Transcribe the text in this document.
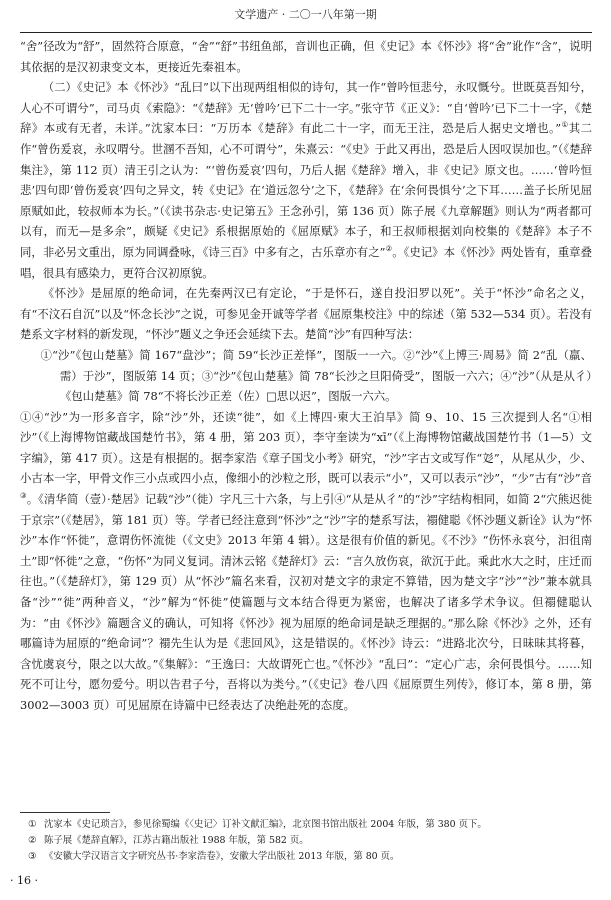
文学遗产 · 二〇一八年第一期

“舍”径改为“舒”，固然符合原意，“舍”“舒”书纽鱼部，音训也正确，但《史记》本《怀沙》将“舍”讹作“含”，说明其依据的是汉初隶变文本，更接近先秦祖本。

（二）《史记》本《怀沙》“乱曰”以下出现两组相似的诗句，其一作“曾吟恒悲兮，永叹慨兮。世既莫吾知兮，人心不可谓兮”，司马贞《索隐》：“《楚辞》无‘曾吟’已下二十一字。”张守节《正义》：“自‘曾吟’已下二十一字，《楚辞》本或有无者，未详。”沈家本曰：“万历本《楚辞》有此二十一字，而无王注，恐是后人据史文增也。”①其二作“曾伤爰哀，永叹喟兮。世溷不吾知，心不可谓兮”，朱熹云：“《史》于此又再出，恐是后人因叹误加也。”（《楚辞集注》，第 112 页）清王引之认为：“‘曾伤爰哀’四句，乃后人据《楚辞》增入，非《史记》原文也。……‘曾吟恒悲’四句即‘曾伤爰哀’四句之异文，转《史记》在‘道远忽兮’之下，《楚辞》在‘余何畏惧兮’之下耳……盖子长所见屈原赋如此，较叔师本为长。”（《读书杂志·史记第五》王念孙引，第 136 页）陈子展《九章解题》则认为“两者都可以有，而无—是多余”，颇疑《史记》系根据原始的《屈原赋》本子，和王叔师根据刘向校集的《楚辞》本子不同，非必另文重出，原为同调叠咏，《诗三百》中多有之，古乐章亦有之”②。《史记》本《怀沙》两处皆有，重章叠唱，很具有感染力，更符合汉初原貌。

《怀沙》是屈原的绝命词，在先秦两汉已有定论，“于是怀石，遂自投汨罗以死”。关于“怀沙”命名之义，有“不汶石自沉”以及“怀念长沙”之说，可参见金开诚等学者《屈原集校注》中的综述（第 532—534 页）。若没有楚系文字材料的新发现，“怀沙”题义之争还会延续下去。楚简“沙”有四种写法：

①“沙”《包山楚墓》简 167“盘沙”；简 59“长沙正差怿”，图版一一六。②“沙”《上博三·周易》简 2“乱（羸、需）于沙”，图版第 14 页；③“沙”《包山楚墓》简 78“长沙之旦阳倚受”，图版一六六；④“沙”（从是从彳）《包山楚墓》简 78“不将长沙正差（佐）□思以迟”，图版一六六。

①④“沙”为一形多音字，除“沙”外，还读“徙”，如《上博四·柬大王泊旱》简 9、10、15 三次提到人名“①相沙”（《上海博物馆藏战国楚竹书》，第 4 册，第 203 页），李守奎读为“xī”（《上海博物馆藏战国楚竹书（1—5）文字编》，第 417 页）。这是有根据的。据李家浩《章子国戈小考》研究，“沙”字古文或写作“彣”，从尾从少，少、小古本一字，甲骨文作三小点或四小点，像细小的沙粒之形，既可以表示“小”，又可以表示“沙”，“少”古有“沙”音③。《清华简（壹）·楚居》记载“沙”（徙）字凡三十六条，与上引④“从是从彳”的“沙”字结构相同，如简 2“穴熊迟徙于京宗”（《楚居》，第 181 页）等。学者已经注意到“怀沙”之“沙”字的楚系写法，禤健聪《怀沙题义新诠》认为“怀沙”本作“怀徙”，意谓伤怀流徙（《文史》2013 年第 4 辑）。这是很有价值的新见。《不沙》“伤怀永哀兮，汩徂南土”即“怀徙”之意，“伤怀”为同义复词。清沐云铭《楚辞灯》云：“言久放伤哀，欲沉于此。乘此水大之时，庄迁而往也。”（《楚辞灯》，第 129 页）从“怀沙”篇名来看，汉初对楚文字的隶定不算错，因为楚文字“沙”“沙”兼本就具备“沙”“徙”两种音义，“沙”解为“怀徙”使篇题与文本结合得更为紧密，也解决了诸多学术争议。但禤健聪认为：“由《怀沙》篇题含义的确认，可知将《怀沙》视为屈原的绝命词是缺乏理据的。”那么除《怀沙》之外，还有哪篇诗为屈原的“绝命词”？禤先生认为是《悲回风》，这是错误的。《怀沙》诗云：“进路北次兮，日昧昧其将暮，含忧虞哀兮，限之以大故。”《集解》：“王逸曰：大故谓死亡也。”《怀沙》“乱曰”：“定心广志，余何畏惧兮。……知死不可让兮，愿勿爱兮。明以告君子兮，吾将以为类兮。”（《史记》卷八四《屈原贾生列传》，修订本，第 8 册，第 3002—3003 页）可见屈原在诗篇中已经表达了决绝赴死的态度。

① 沈家本《史记琐言》，参见徐蜀编《〈史记〉订补文献汇编》，北京图书馆出版社 2004 年版，第 380 页下。
② 陈子展《楚辞直解》，江苏古籍出版社 1988 年版，第 582 页。
③ 《安徽大学汉语言文字研究丛书·李家浩卷》，安徽大学出版社 2013 年版，第 80 页。
· 16 ·
